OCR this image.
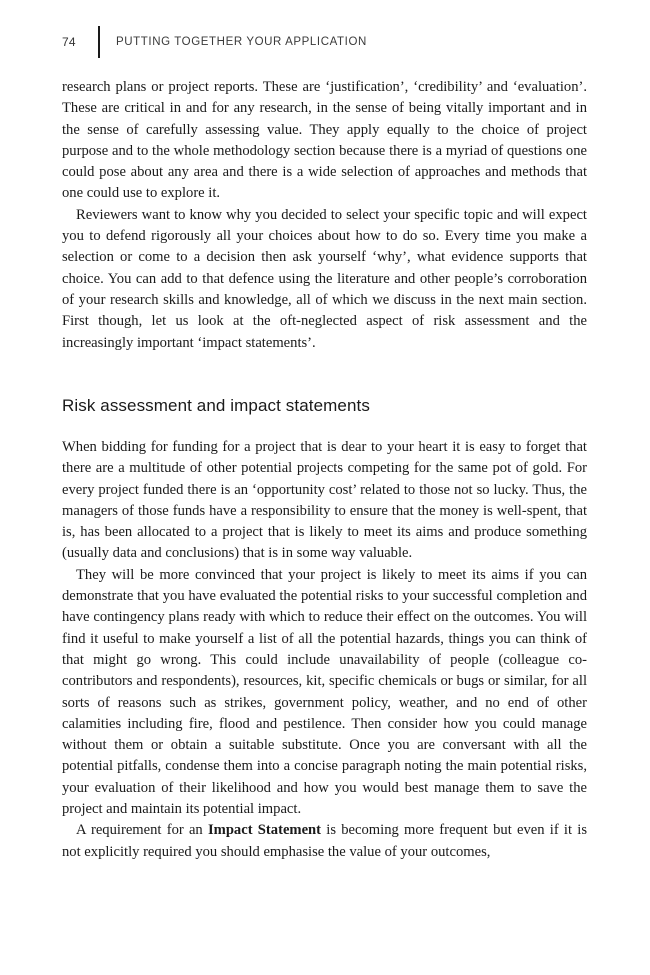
74	PUTTING TOGETHER YOUR APPLICATION

research plans or project reports. These are ‘justification’, ‘credibility’ and ‘evaluation’. These are critical in and for any research, in the sense of being vitally important and in the sense of carefully assessing value. They apply equally to the choice of project purpose and to the whole methodology section because there is a myriad of questions one could pose about any area and there is a wide selection of approaches and methods that one could use to explore it.

Reviewers want to know why you decided to select your specific topic and will expect you to defend rigorously all your choices about how to do so. Every time you make a selection or come to a decision then ask yourself ‘why’, what evidence supports that choice. You can add to that defence using the literature and other people’s corroboration of your research skills and knowledge, all of which we discuss in the next main section. First though, let us look at the oft-neglected aspect of risk assessment and the increasingly important ‘impact statements’.

Risk assessment and impact statements

When bidding for funding for a project that is dear to your heart it is easy to forget that there are a multitude of other potential projects competing for the same pot of gold. For every project funded there is an ‘opportunity cost’ related to those not so lucky. Thus, the managers of those funds have a responsibility to ensure that the money is well-spent, that is, has been allocated to a project that is likely to meet its aims and produce something (usually data and conclusions) that is in some way valuable.

They will be more convinced that your project is likely to meet its aims if you can demonstrate that you have evaluated the potential risks to your successful completion and have contingency plans ready with which to reduce their effect on the outcomes. You will find it useful to make yourself a list of all the potential hazards, things you can think of that might go wrong. This could include unavailability of people (colleague co-contributors and respondents), resources, kit, specific chemicals or bugs or similar, for all sorts of reasons such as strikes, government policy, weather, and no end of other calamities including fire, flood and pestilence. Then consider how you could manage without them or obtain a suitable substitute. Once you are conversant with all the potential pitfalls, condense them into a concise paragraph noting the main potential risks, your evaluation of their likelihood and how you would best manage them to save the project and maintain its potential impact.

A requirement for an Impact Statement is becoming more frequent but even if it is not explicitly required you should emphasise the value of your outcomes,
